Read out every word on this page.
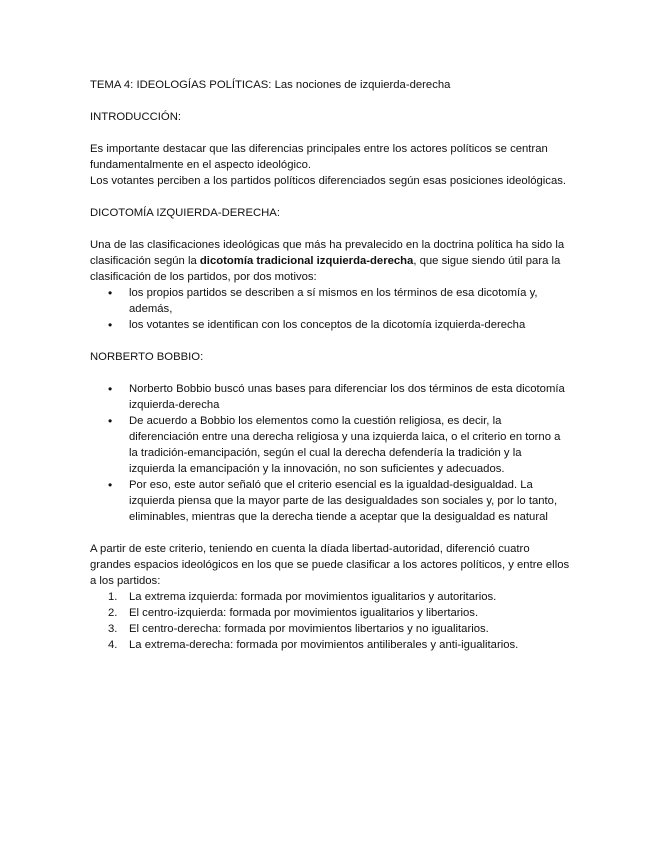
TEMA 4: IDEOLOGÍAS POLÍTICAS: Las nociones de izquierda-derecha

INTRODUCCIÓN:

Es importante destacar que las diferencias principales entre los actores políticos se centran fundamentalmente en el aspecto ideológico.

Los votantes perciben a los partidos políticos diferenciados según esas posiciones ideológicas.

DICOTOMÍA IZQUIERDA-DERECHA:

Una de las clasificaciones ideológicas que más ha prevalecido en la doctrina política ha sido la clasificación según la dicotomía tradicional izquierda-derecha, que sigue siendo útil para la clasificación de los partidos, por dos motivos:

• los propios partidos se describen a sí mismos en los términos de esa dicotomía y, además,
• los votantes se identifican con los conceptos de la dicotomía izquierda-derecha

NORBERTO BOBBIO:

• Norberto Bobbio buscó unas bases para diferenciar los dos términos de esta dicotomía izquierda-derecha
• De acuerdo a Bobbio los elementos como la cuestión religiosa, es decir, la diferenciación entre una derecha religiosa y una izquierda laica, o el criterio en torno a la tradición-emancipación, según el cual la derecha defendería la tradición y la izquierda la emancipación y la innovación, no son suficientes y adecuados.
• Por eso, este autor señaló que el criterio esencial es la igualdad-desigualdad. La izquierda piensa que la mayor parte de las desigualdades son sociales y, por lo tanto, eliminables, mientras que la derecha tiende a aceptar que la desigualdad es natural

A partir de este criterio, teniendo en cuenta la díada libertad-autoridad, diferenció cuatro grandes espacios ideológicos en los que se puede clasificar a los actores políticos, y entre ellos a los partidos:

1. La extrema izquierda: formada por movimientos igualitarios y autoritarios.
2. El centro-izquierda: formada por movimientos igualitarios y libertarios.
3. El centro-derecha: formada por movimientos libertarios y no igualitarios.
4. La extrema-derecha: formada por movimientos antiliberales y anti-igualitarios.
